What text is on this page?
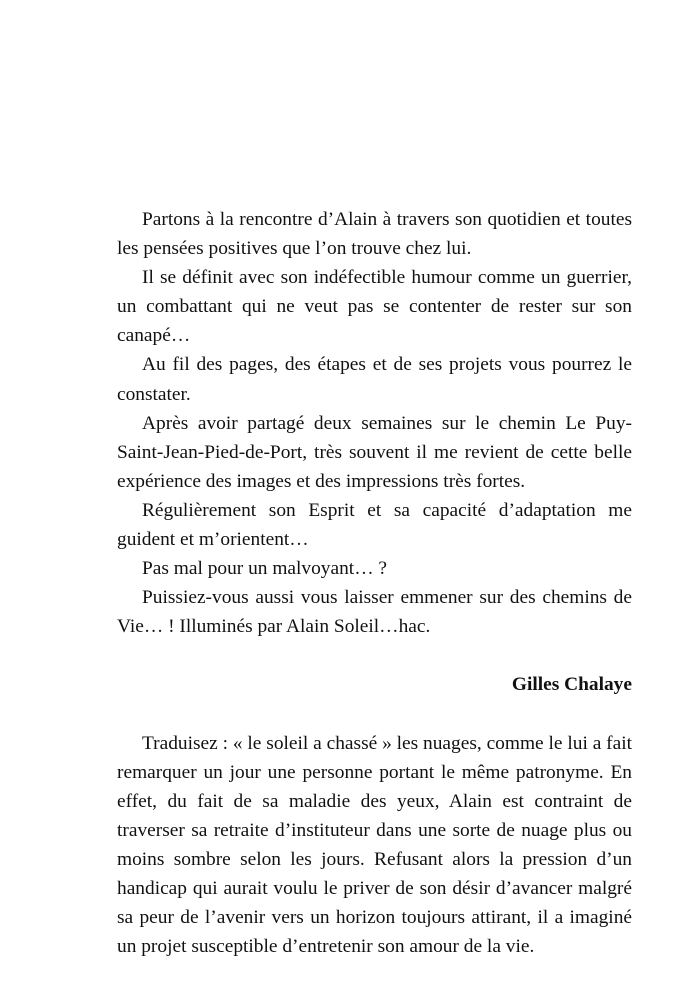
Partons à la rencontre d’Alain à travers son quotidien et toutes les pensées positives que l’on trouve chez lui.

Il se définit avec son indéfectible humour comme un guerrier, un combattant qui ne veut pas se contenter de rester sur son canapé…

Au fil des pages, des étapes et de ses projets vous pourrez le constater.

Après avoir partagé deux semaines sur le chemin Le Puy-Saint-Jean-Pied-de-Port, très souvent il me revient de cette belle expérience des images et des impressions très fortes.

Régulièrement son Esprit et sa capacité d’adaptation me guident et m’orientent…

Pas mal pour un malvoyant… ?

Puissiez-vous aussi vous laisser emmener sur des chemins de Vie… ! Illuminés par Alain Soleil…hac.

Gilles Chalaye

Traduisez : « le soleil a chassé » les nuages, comme le lui a fait remarquer un jour une personne portant le même patronyme. En effet, du fait de sa maladie des yeux, Alain est contraint de traverser sa retraite d’instituteur dans une sorte de nuage plus ou moins sombre selon les jours. Refusant alors la pression d’un handicap qui aurait voulu le priver de son désir d’avancer malgré sa peur de l’avenir vers un horizon toujours attirant, il a imaginé un projet susceptible d’entretenir son amour de la vie.
